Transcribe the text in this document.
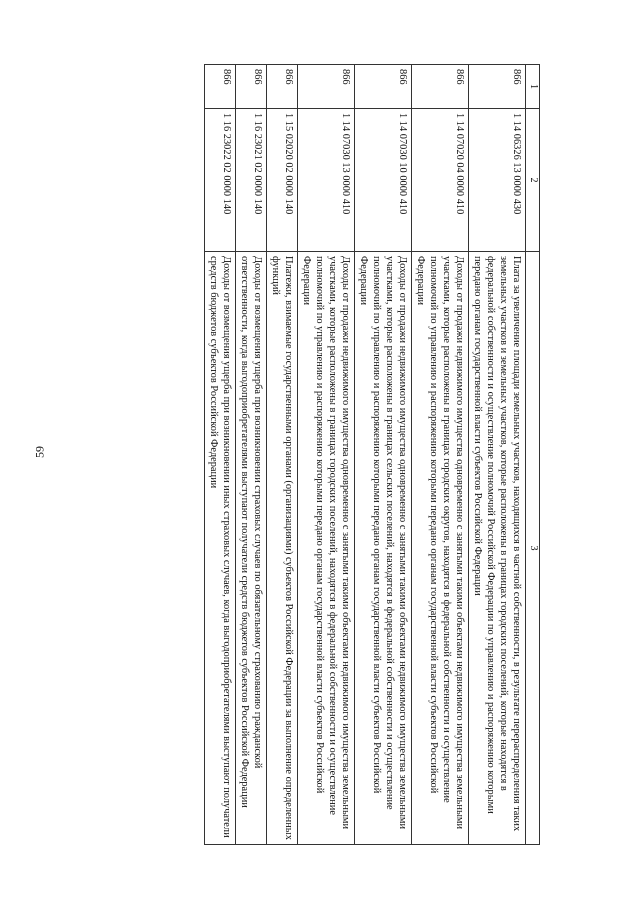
59
1	2	3
866	1 14 06326 13 0000 430	Плата за увеличение площади земельных участков, находящихся в частной собственности, в результате перераспределения таких земельных участков и земельных участков, которые расположены в границах городских поселений, которые находятся в федеральной собственности и осуществление полномочий Российской Федерации по управлению и распоряжению которыми передано органам государственной власти субъектов Российской Федерации
866	1 14 07020 04 0000 410	Доходы от продажи недвижимого имущества одновременно с занятыми такими объектами недвижимого имущества земельными участками, которые расположены в границах городских округов, находятся в федеральной собственности и осуществление полномочий по управлению и распоряжению которыми передано органам государственной власти субъектов Российской Федерации
866	1 14 07030 10 0000 410	Доходы от продажи недвижимого имущества одновременно с занятыми такими объектами недвижимого имущества земельными участками, которые расположены в границах сельских поселений, находятся в федеральной собственности и осуществление полномочий по управлению и распоряжению которыми передано органам государственной власти субъектов Российской Федерации
866	1 14 07030 13 0000 410	Доходы от продажи недвижимого имущества одновременно с занятыми такими объектами недвижимого имущества земельными участками, которые расположены в границах городских поселений, находятся в федеральной собственности и осуществление полномочий по управлению и распоряжению которыми передано органам государственной власти субъектов Российской Федерации
866	1 15 02020 02 0000 140	Платежи, взимаемые государственными органами (организациями) субъектов Российской Федерации за выполнение определенных функций
866	1 16 23021 02 0000 140	Доходы от возмещения ущерба при возникновении страховых случаев по обязательному страхованию гражданской ответственности, когда выгодоприобретателями выступают получатели средств бюджетов субъектов Российской Федерации
866	1 16 23022 02 0000 140	Доходы от возмещения ущерба при возникновении иных страховых случаев, когда выгодоприобретателями выступают получатели средств бюджетов субъектов Российской Федерации
